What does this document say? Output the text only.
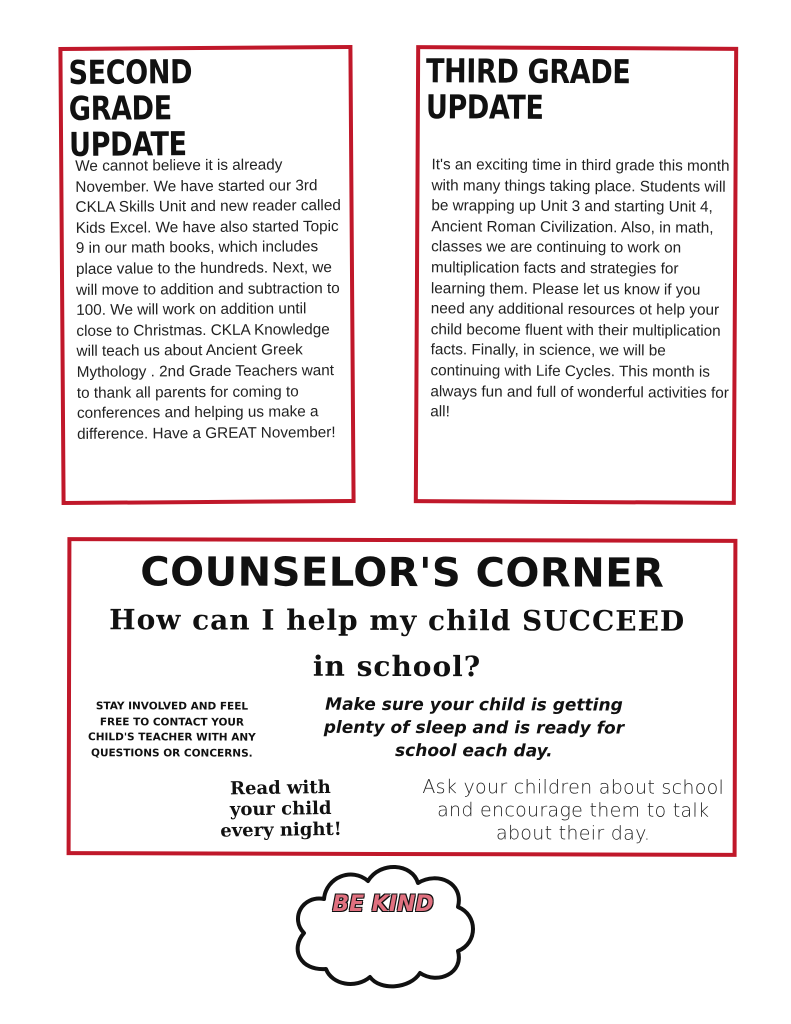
SECOND GRADE
UPDATE
We cannot believe it is already November. We have started our 3rd CKLA Skills Unit and new reader called Kids Excel. We have also started Topic 9 in our math books, which includes place value to the hundreds. Next, we will move to addition and subtraction to 100. We will work on addition until close to Christmas. CKLA Knowledge will teach us about Ancient Greek Mythology . 2nd Grade Teachers want to thank all parents for coming to conferences and helping us make a difference. Have a GREAT November!
THIRD GRADE
UPDATE
It's an exciting time in third grade this month with many things taking place. Students will be wrapping up Unit 3 and starting Unit 4, Ancient Roman Civilization. Also, in math, classes we are continuing to work on multiplication facts and strategies for learning them. Please let us know if you need any additional resources ot help your child become fluent with their multiplication facts. Finally, in science, we will be continuing with Life Cycles. This month is always fun and full of wonderful activities for all!
COUNSELOR'S CORNER
How can I help my child SUCCEED in school?
STAY INVOLVED AND FEEL FREE TO CONTACT YOUR CHILD'S TEACHER WITH ANY QUESTIONS OR CONCERNS.
Make sure your child is getting plenty of sleep and is ready for school each day.
Read with your child every night!
Ask your children about school and encourage them to talk about their day.
BE KIND
